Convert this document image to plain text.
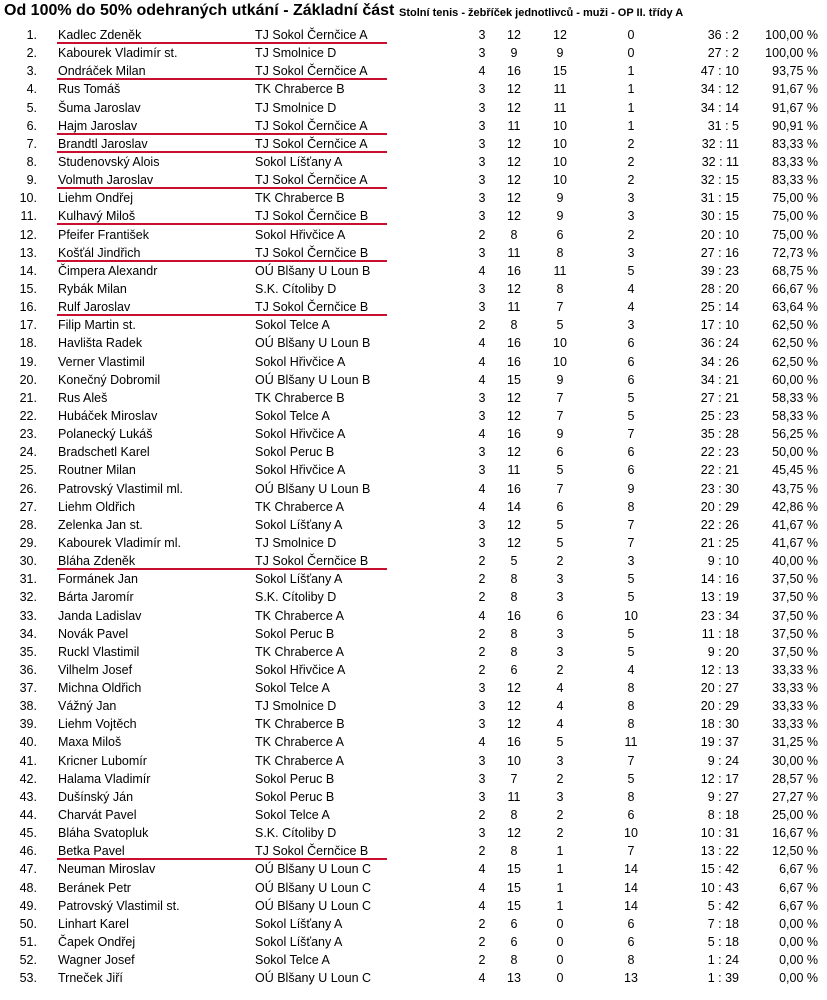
Od 100% do 50% odehraných utkání - Základní část Stolní tenis - žebříček jednotlivců - muži - OP II. třídy A
1. Kadlec Zdeněk	TJ Sokol Černčice A	3	12	12	0	36 : 2	100,00 %
2. Kabourek Vladimír st.	TJ Smolnice D	3	9	9	0	27 : 2	100,00 %
3. Ondráček Milan	TJ Sokol Černčice A	4	16	15	1	47 : 10	93,75 %
4. Rus Tomáš	TK Chraberce B	3	12	11	1	34 : 12	91,67 %
5. Šuma Jaroslav	TJ Smolnice D	3	12	11	1	34 : 14	91,67 %
6. Hajm Jaroslav	TJ Sokol Černčice A	3	11	10	1	31 : 5	90,91 %
7. Brandtl Jaroslav	TJ Sokol Černčice A	3	12	10	2	32 : 11	83,33 %
8. Studenovský Alois	Sokol Líšťany A	3	12	10	2	32 : 11	83,33 %
9. Volmuth Jaroslav	TJ Sokol Černčice A	3	12	10	2	32 : 15	83,33 %
10. Liehm Ondřej	TK Chraberce B	3	12	9	3	31 : 15	75,00 %
11. Kulhavý Miloš	TJ Sokol Černčice B	3	12	9	3	30 : 15	75,00 %
12. Pfeifer František	Sokol Hřivčice A	2	8	6	2	20 : 10	75,00 %
13. Košťál Jindřich	TJ Sokol Černčice B	3	11	8	3	27 : 16	72,73 %
14. Čimpera Alexandr	OÚ Blšany U Loun B	4	16	11	5	39 : 23	68,75 %
15. Rybák Milan	S.K. Cítoliby D	3	12	8	4	28 : 20	66,67 %
16. Rulf Jaroslav	TJ Sokol Černčice B	3	11	7	4	25 : 14	63,64 %
17. Filip Martin st.	Sokol Telce A	2	8	5	3	17 : 10	62,50 %
18. Havlišta Radek	OÚ Blšany U Loun B	4	16	10	6	36 : 24	62,50 %
19. Verner Vlastimil	Sokol Hřivčice A	4	16	10	6	34 : 26	62,50 %
20. Konečný Dobromil	OÚ Blšany U Loun B	4	15	9	6	34 : 21	60,00 %
21. Rus Aleš	TK Chraberce B	3	12	7	5	27 : 21	58,33 %
22. Hubáček Miroslav	Sokol Telce A	3	12	7	5	25 : 23	58,33 %
23. Polanecký Lukáš	Sokol Hřivčice A	4	16	9	7	35 : 28	56,25 %
24. Bradschetl Karel	Sokol Peruc B	3	12	6	6	22 : 23	50,00 %
25. Routner Milan	Sokol Hřivčice A	3	11	5	6	22 : 21	45,45 %
26. Patrovský Vlastimil ml.	OÚ Blšany U Loun B	4	16	7	9	23 : 30	43,75 %
27. Liehm Oldřich	TK Chraberce A	4	14	6	8	20 : 29	42,86 %
28. Zelenka Jan st.	Sokol Líšťany A	3	12	5	7	22 : 26	41,67 %
29. Kabourek Vladimír ml.	TJ Smolnice D	3	12	5	7	21 : 25	41,67 %
30. Bláha Zdeněk	TJ Sokol Černčice B	2	5	2	3	9 : 10	40,00 %
31. Formánek Jan	Sokol Líšťany A	2	8	3	5	14 : 16	37,50 %
32. Bárta Jaromír	S.K. Cítoliby D	2	8	3	5	13 : 19	37,50 %
33. Janda Ladislav	TK Chraberce A	4	16	6	10	23 : 34	37,50 %
34. Novák Pavel	Sokol Peruc B	2	8	3	5	11 : 18	37,50 %
35. Ruckl Vlastimil	TK Chraberce A	2	8	3	5	9 : 20	37,50 %
36. Vilhelm Josef	Sokol Hřivčice A	2	6	2	4	12 : 13	33,33 %
37. Michna Oldřich	Sokol Telce A	3	12	4	8	20 : 27	33,33 %
38. Vážný Jan	TJ Smolnice D	3	12	4	8	20 : 29	33,33 %
39. Liehm Vojtěch	TK Chraberce B	3	12	4	8	18 : 30	33,33 %
40. Maxa Miloš	TK Chraberce A	4	16	5	11	19 : 37	31,25 %
41. Kricner Lubomír	TK Chraberce A	3	10	3	7	9 : 24	30,00 %
42. Halama Vladimír	Sokol Peruc B	3	7	2	5	12 : 17	28,57 %
43. Dušínský Ján	Sokol Peruc B	3	11	3	8	9 : 27	27,27 %
44. Charvát Pavel	Sokol Telce A	2	8	2	6	8 : 18	25,00 %
45. Bláha Svatopluk	S.K. Cítoliby D	3	12	2	10	10 : 31	16,67 %
46. Betka Pavel	TJ Sokol Černčice B	2	8	1	7	13 : 22	12,50 %
47. Neuman Miroslav	OÚ Blšany U Loun C	4	15	1	14	15 : 42	6,67 %
48. Beránek Petr	OÚ Blšany U Loun C	4	15	1	14	10 : 43	6,67 %
49. Patrovský Vlastimil st.	OÚ Blšany U Loun C	4	15	1	14	5 : 42	6,67 %
50. Linhart Karel	Sokol Líšťany A	2	6	0	6	7 : 18	0,00 %
51. Čapek Ondřej	Sokol Líšťany A	2	6	0	6	5 : 18	0,00 %
52. Wagner Josef	Sokol Telce A	2	8	0	8	1 : 24	0,00 %
53. Trneček Jiří	OÚ Blšany U Loun C	4	13	0	13	1 : 39	0,00 %
